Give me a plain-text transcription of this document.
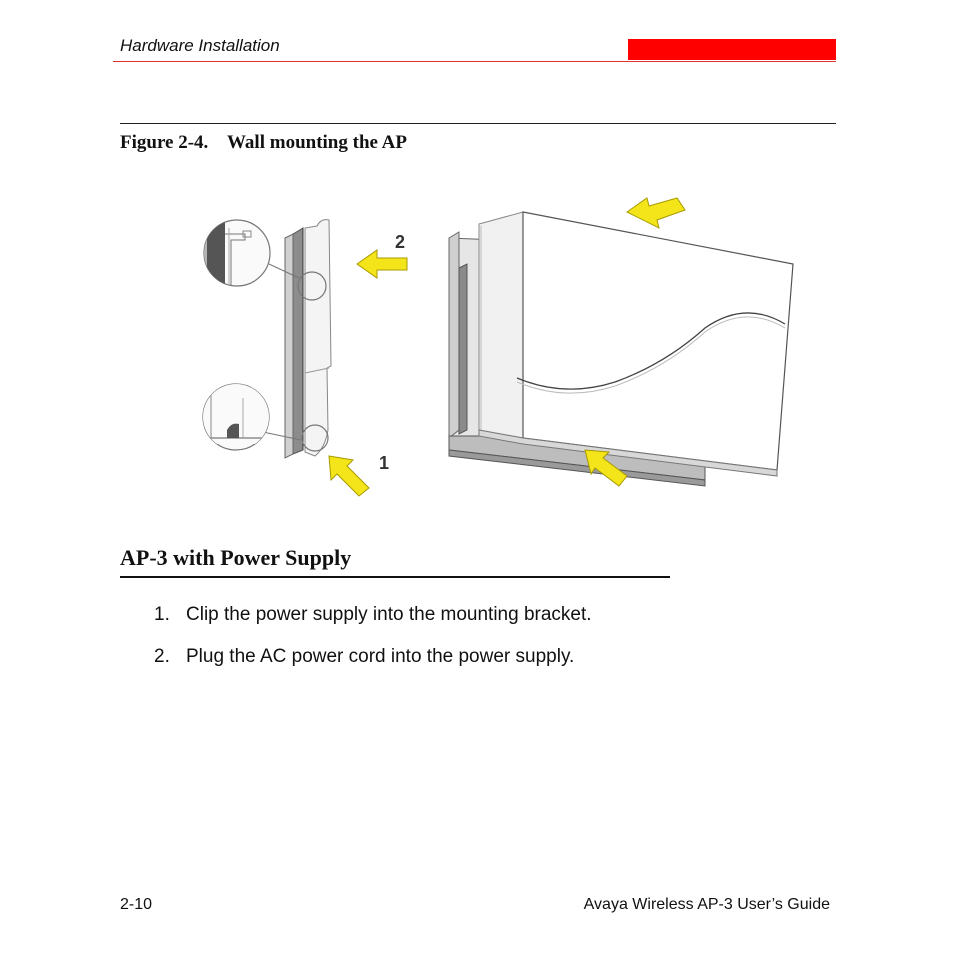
Hardware Installation
Figure 2-4. Wall mounting the AP
2
1
AP-3 with Power Supply
1. Clip the power supply into the mounting bracket.
2. Plug the AC power cord into the power supply.
2-10	Avaya Wireless AP-3 User’s Guide
